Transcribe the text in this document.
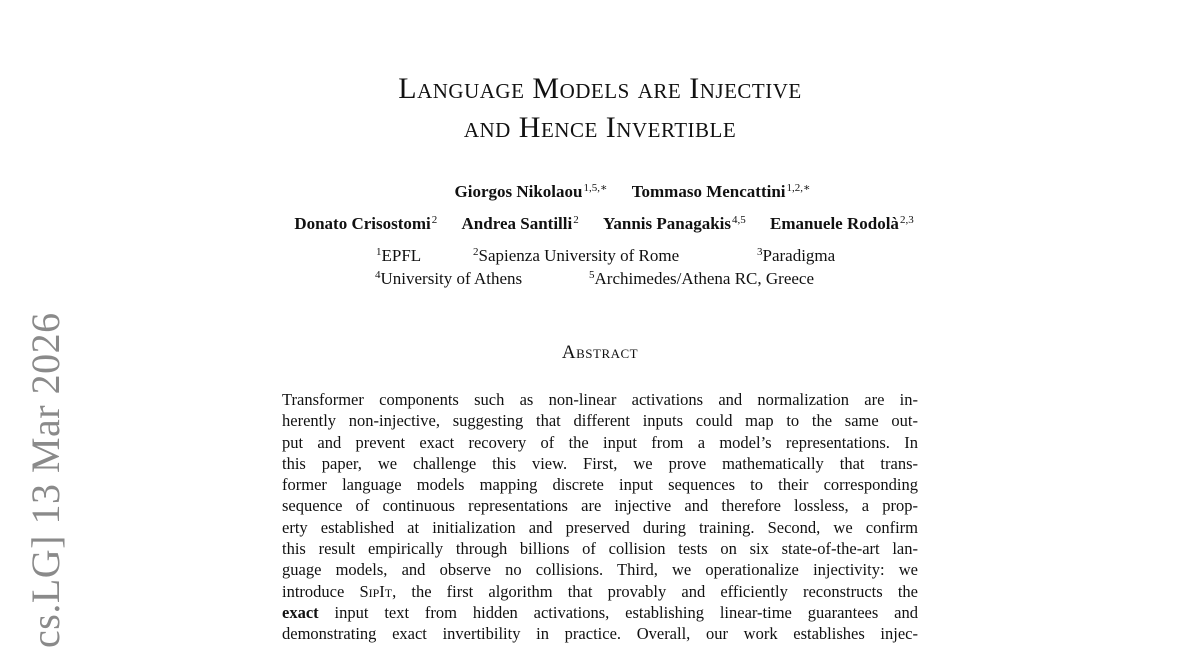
Language Models are Injective
and Hence Invertible
Giorgos Nikolaou$^{1,5,∗}$ Tommaso Mencattini$^{1,2,∗}$
Donato Crisostomi$^2$ Andrea Santilli$^2$ Yannis Panagakis$^{4,5}$ Emanuele Rodolà$^{2,3}$
$^1$EPFL	$^2$Sapienza University of Rome	$^3$Paradigma
$^4$University of Athens	$^5$Archimedes/Athena RC, Greece
Abstract
Transformer components such as non-linear activations and normalization are in-
herently non-injective, suggesting that different inputs could map to the same out-
put and prevent exact recovery of the input from a model’s representations. In
this paper, we challenge this view. First, we prove mathematically that trans-
former language models mapping discrete input sequences to their corresponding
sequence of continuous representations are injective and therefore lossless, a prop-
erty established at initialization and preserved during training. Second, we confirm
this result empirically through billions of collision tests on six state-of-the-art lan-
guage models, and observe no collisions. Third, we operationalize injectivity: we
introduce SipIt, the first algorithm that provably and efficiently reconstructs the
exact input text from hidden activations, establishing linear-time guarantees and
demonstrating exact invertibility in practice. Overall, our work establishes injec-
cs.LG] 13 Mar 2026
